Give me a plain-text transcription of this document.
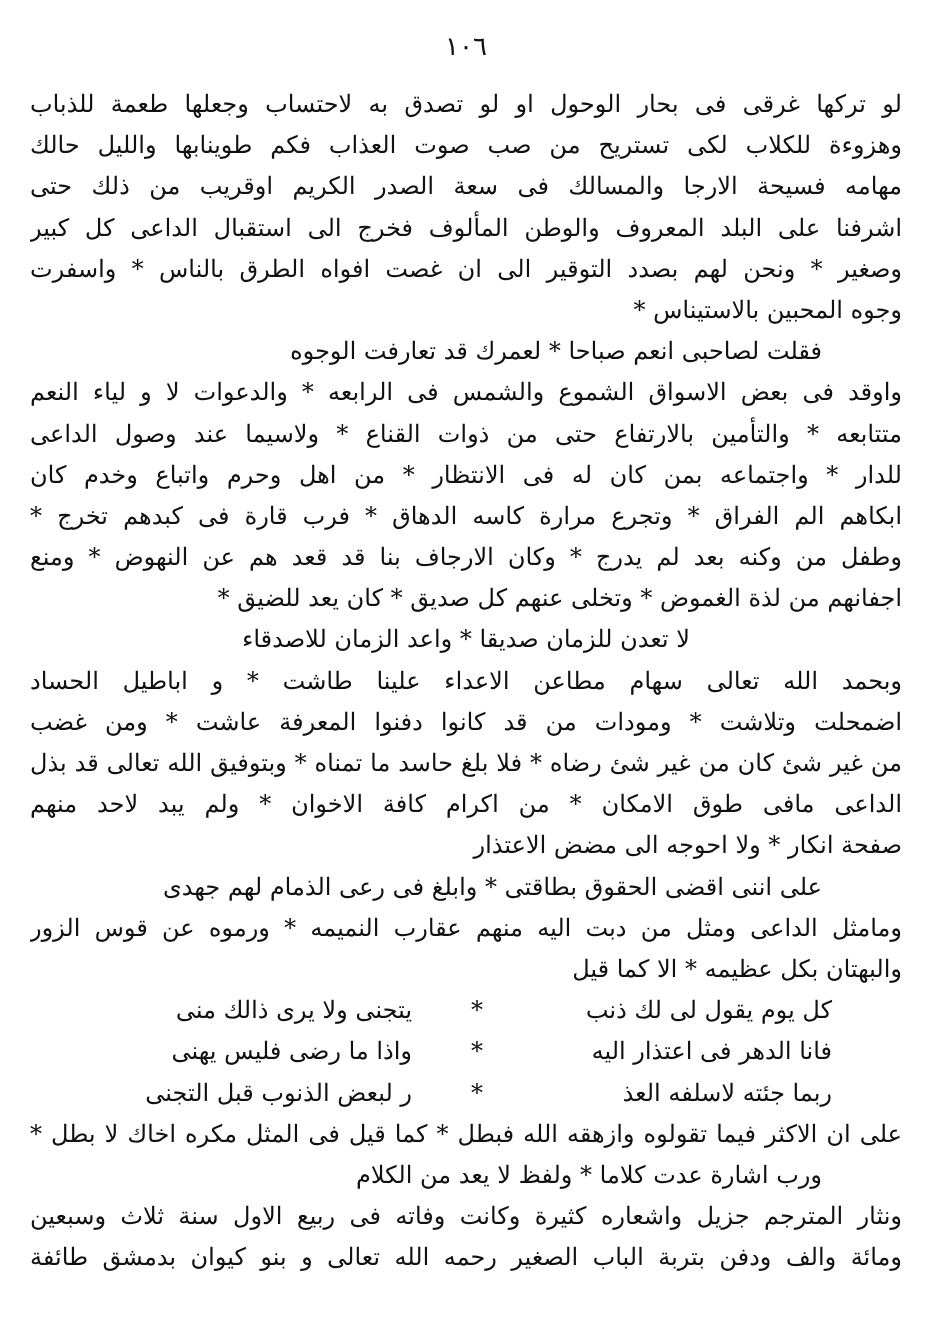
١٠٦
لو تركها غرقى فى بحار الوحول او لو تصدق به لاحتساب وجعلها طعمة للذباب
وهزوءة للكلاب لكى تستريح من صب صوت العذاب فكم طوينابها والليل حالك
مهامه فسيحة الارجا والمسالك فى سعة الصدر الكريم اوقريب من ذلك حتى
اشرفنا على البلد المعروف والوطن المألوف فخرج الى استقبال الداعى كل كبير
وصغير * ونحن لهم بصدد التوقير الى ان غصت افواه الطرق بالناس * واسفرت
وجوه المحبين بالاستيناس *
فقلت لصاحبى انعم صباحا * لعمرك قد تعارفت الوجوه
واوقد فى بعض الاسواق الشموع والشمس فى الرابعه * والدعوات لا و لياء النعم
متتابعه * والتأمين بالارتفاع حتى من ذوات القناع * ولاسيما عند وصول الداعى
للدار * واجتماعه بمن كان له فى الانتظار * من اهل وحرم واتباع وخدم كان
ابكاهم الم الفراق * وتجرع مرارة كاسه الدهاق * فرب قارة فى كبدهم تخرج *
وطفل من وكنه بعد لم يدرج * وكان الارجاف بنا قد قعد هم عن النهوض * ومنع
اجفانهم من لذة الغموض * وتخلى عنهم كل صديق * كان يعد للضيق *
لا تعدن للزمان صديقا * واعد الزمان للاصدقاء
وبحمد الله تعالى سهام مطاعن الاعداء علينا طاشت * و اباطيل الحساد
اضمحلت وتلاشت * ومودات من قد كانوا دفنوا المعرفة عاشت * ومن غضب
من غير شئ كان من غير شئ رضاه * فلا بلغ حاسد ما تمناه * وبتوفيق الله تعالى قد بذل
الداعى مافى طوق الامكان * من اكرام كافة الاخوان * ولم يبد لاحد منهم
صفحة انكار * ولا احوجه الى مضض الاعتذار
على اننى اقضى الحقوق بطاقتى * وابلغ فى رعى الذمام لهم جهدى
ومامثل الداعى ومثل من دبت اليه منهم عقارب النميمه * ورموه عن قوس الزور
والبهتان بكل عظيمه * الا كما قيل
كل يوم يقول لى لك ذنب
*
يتجنى ولا يرى ذالك منى
فانا الدهر فى اعتذار اليه
*
واذا ما رضى فليس يهنى
ربما جئته لاسلفه العذ
*
ر لبعض الذنوب قبل التجنى
على ان الاكثر فيما تقولوه وازهقه الله فبطل * كما قيل فى المثل مكره اخاك لا بطل *
ورب اشارة عدت كلاما * ولفظ لا يعد من الكلام
ونثار المترجم جزيل واشعاره كثيرة وكانت وفاته فى ربيع الاول سنة ثلاث وسبعين
ومائة والف ودفن بتربة الباب الصغير رحمه الله تعالى و بنو كيوان بدمشق طائفة
